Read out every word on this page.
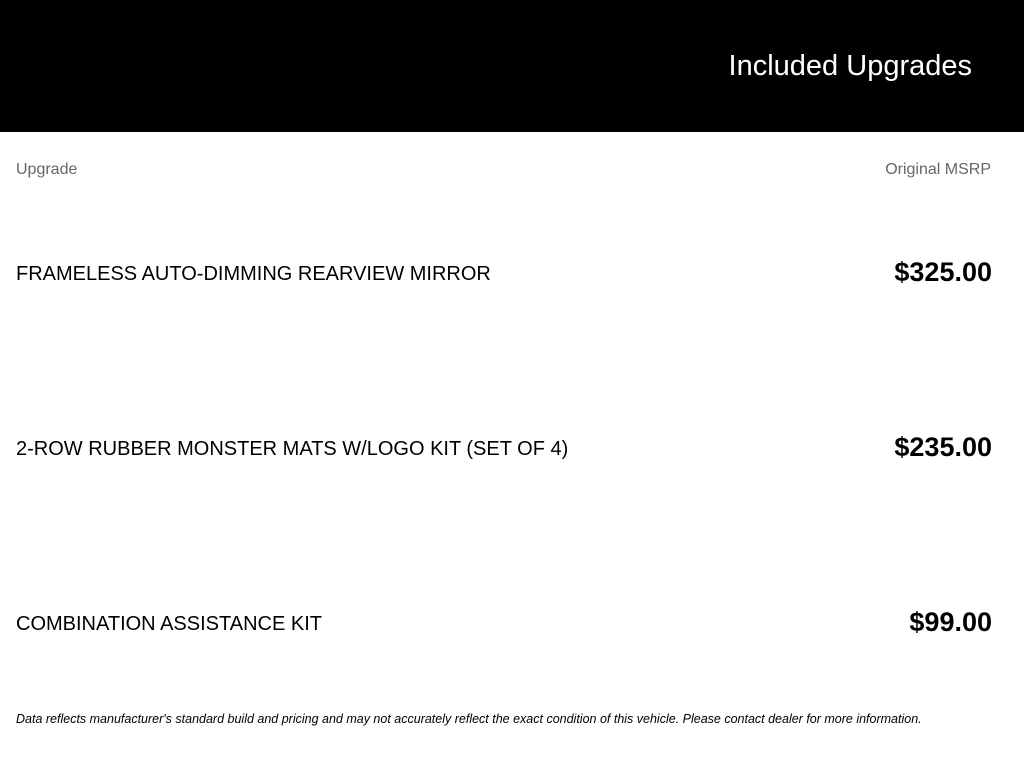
Included Upgrades
Upgrade	Original MSRP
FRAMELESS AUTO-DIMMING REARVIEW MIRROR	$325.00
2-ROW RUBBER MONSTER MATS W/LOGO KIT (SET OF 4)	$235.00
COMBINATION ASSISTANCE KIT	$99.00
Data reflects manufacturer's standard build and pricing and may not accurately reflect the exact condition of this vehicle. Please contact dealer for more information.
